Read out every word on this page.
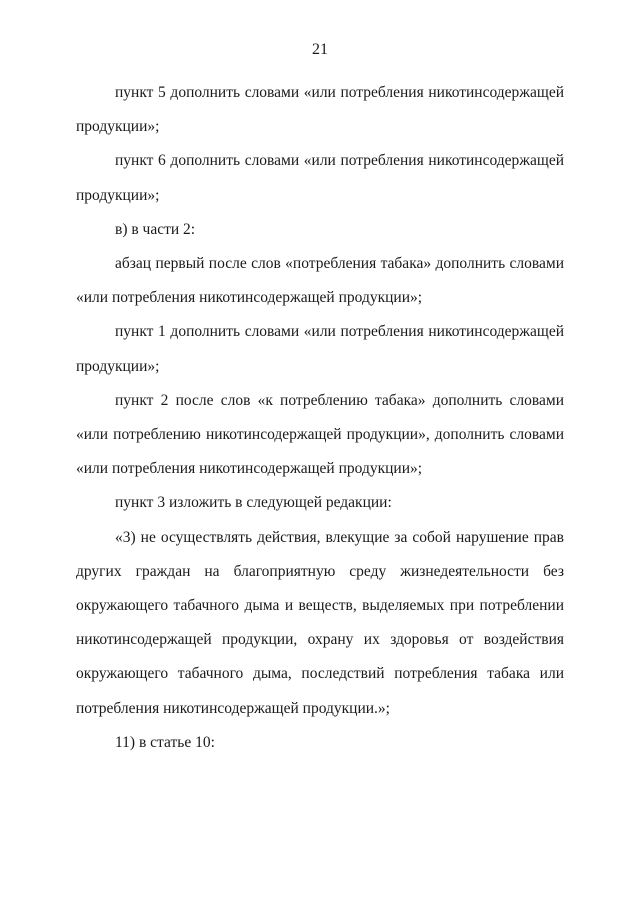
21

пункт 5 дополнить словами «или потребления никотинсодержащей продукции»;

пункт 6 дополнить словами «или потребления никотинсодержащей продукции»;

в) в части 2:

абзац первый после слов «потребления табака» дополнить словами «или потребления никотинсодержащей продукции»;

пункт 1 дополнить словами «или потребления никотинсодержащей продукции»;

пункт 2 после слов «к потреблению табака» дополнить словами «или потреблению никотинсодержащей продукции», дополнить словами «или потребления никотинсодержащей продукции»;

пункт 3 изложить в следующей редакции:

«3) не осуществлять действия, влекущие за собой нарушение прав других граждан на благоприятную среду жизнедеятельности без окружающего табачного дыма и веществ, выделяемых при потреблении никотинсодержащей продукции, охрану их здоровья от воздействия окружающего табачного дыма, последствий потребления табака или потребления никотинсодержащей продукции.»;

11) в статье 10:
